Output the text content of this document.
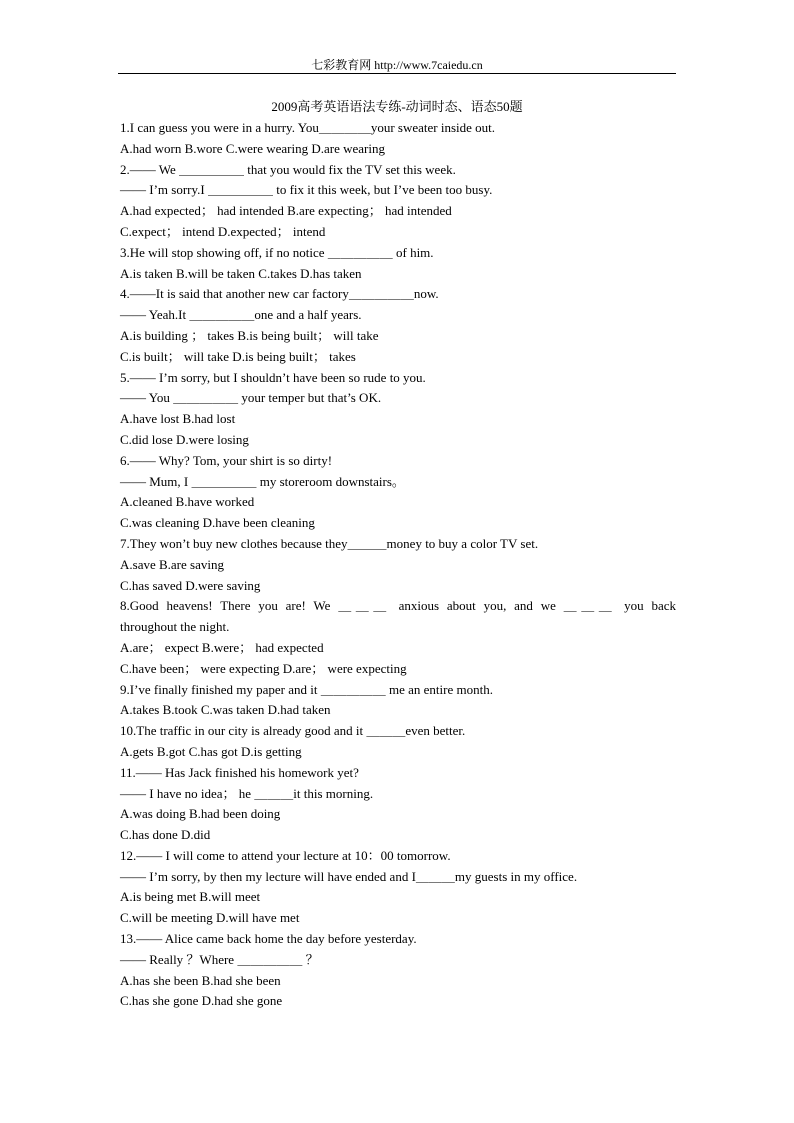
七彩教育网 http://www.7caiedu.cn
2009高考英语语法专练-动词时态、语态50题
1.I can guess you were in a hurry. You＿＿＿＿your sweater inside out.
A.had worn B.wore C.were wearing D.are wearing
2.—— We ＿＿＿＿＿ that you would fix the TV set this week.
—— I’m sorry.I ＿＿＿＿＿ to fix it this week, but I’ve been too busy.
A.had expected； had intended B.are expecting； had intended
C.expect； intend D.expected； intend
3.He will stop showing off, if no notice ＿＿＿＿＿ of him.
A.is taken B.will be taken C.takes D.has taken
4.——It is said that another new car factory＿＿＿＿＿now.
—— Yeah.It ＿＿＿＿＿one and a half years.
A.is building ； takes B.is being built； will take
C.is built； will take D.is being built； takes
5.—— I’m sorry, but I shouldn’t have been so rude to you.
—— You ＿＿＿＿＿ your temper but that’s OK.
A.have lost B.had lost
C.did lose D.were losing
6.—— Why? Tom, your shirt is so dirty!
—— Mum, I ＿＿＿＿＿ my storeroom downstairs。
A.cleaned B.have worked
C.was cleaning D.have been cleaning
7.They won’t buy new clothes because they＿＿＿money to buy a color TV set.
A.save B.are saving
C.has saved D.were saving
8.Good heavens! There you are! We ＿＿＿ anxious about you, and we ＿＿＿ you back
throughout the night.
A.are； expect B.were； had expected
C.have been； were expecting D.are； were expecting
9.I’ve finally finished my paper and it ＿＿＿＿＿ me an entire month.
A.takes B.took C.was taken D.had taken
10.The traffic in our city is already good and it ＿＿＿even better.
A.gets B.got C.has got D.is getting
11.—— Has Jack finished his homework yet?
—— I have no idea； he ＿＿＿it this morning.
A.was doing B.had been doing
C.has done D.did
12.—— I will come to attend your lecture at 10：00 tomorrow.
—— I’m sorry, by then my lecture will have ended and I＿＿＿my guests in my office.
A.is being met B.will meet
C.will be meeting D.will have met
13.—— Alice came back home the day before yesterday.
—— Really ？Where ＿＿＿＿＿ ？
A.has she been B.had she been
C.has she gone D.had she gone
